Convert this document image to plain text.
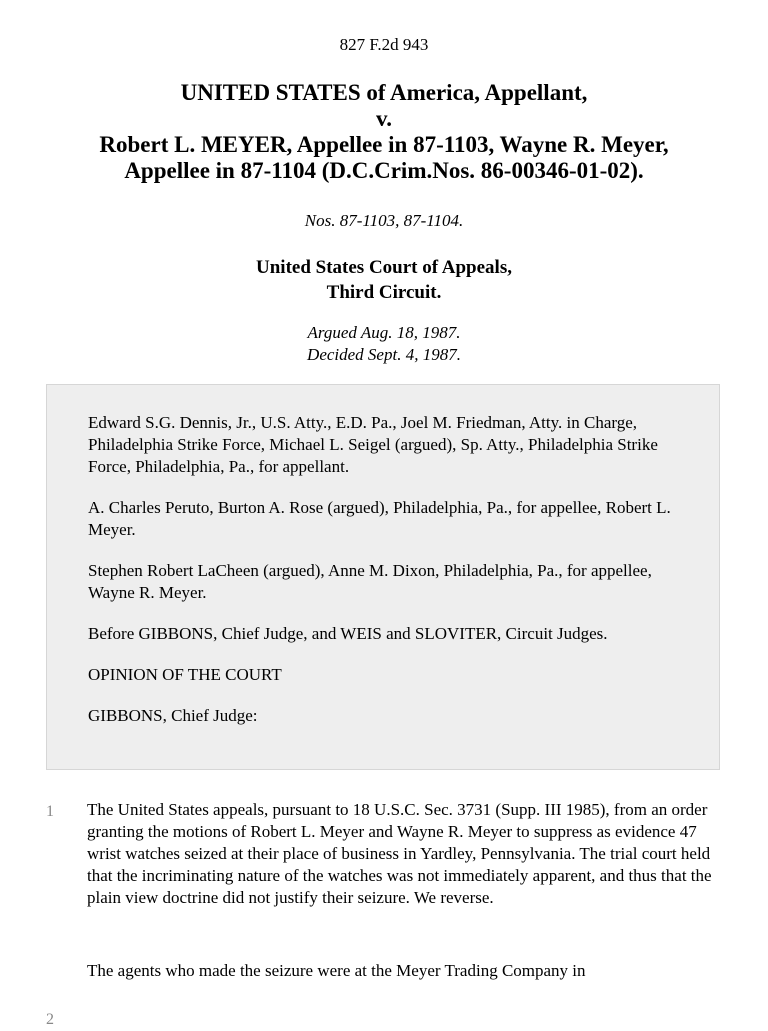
827 F.2d 943
UNITED STATES of America, Appellant,
v.
Robert L. MEYER, Appellee in 87-1103, Wayne R. Meyer,
Appellee in 87-1104 (D.C.Crim.Nos. 86-00346-01-02).
Nos. 87-1103, 87-1104.
United States Court of Appeals,
Third Circuit.
Argued Aug. 18, 1987.
Decided Sept. 4, 1987.

Edward S.G. Dennis, Jr., U.S. Atty., E.D. Pa., Joel M. Friedman, Atty. in Charge, Philadelphia Strike Force, Michael L. Seigel (argued), Sp. Atty., Philadelphia Strike Force, Philadelphia, Pa., for appellant.

A. Charles Peruto, Burton A. Rose (argued), Philadelphia, Pa., for appellee, Robert L. Meyer.

Stephen Robert LaCheen (argued), Anne M. Dixon, Philadelphia, Pa., for appellee, Wayne R. Meyer.

Before GIBBONS, Chief Judge, and WEIS and SLOVITER, Circuit Judges.

OPINION OF THE COURT

GIBBONS, Chief Judge:

1 The United States appeals, pursuant to 18 U.S.C. Sec. 3731 (Supp. III 1985), from an order granting the motions of Robert L. Meyer and Wayne R. Meyer to suppress as evidence 47 wrist watches seized at their place of business in Yardley, Pennsylvania. The trial court held that the incriminating nature of the watches was not immediately apparent, and thus that the plain view doctrine did not justify their seizure. We reverse.
2
The agents who made the seizure were at the Meyer Trading Company in
